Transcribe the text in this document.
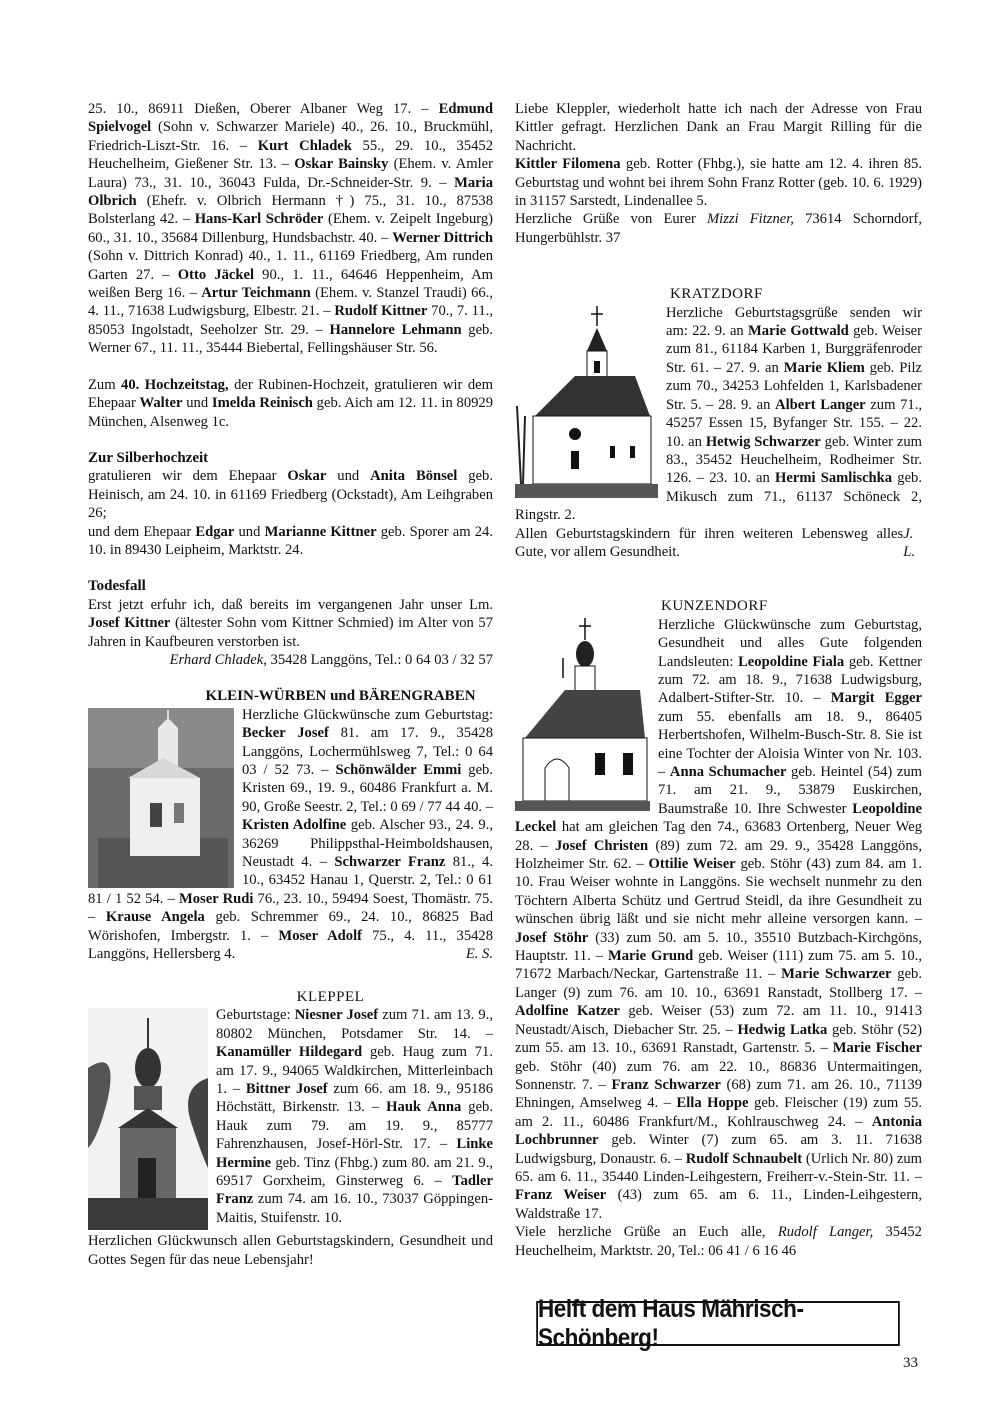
25. 10., 86911 Dießen, Oberer Albaner Weg 17. – Edmund Spielvogel (Sohn v. Schwarzer Mariele) 40., 26. 10., Bruckmühl, Friedrich-Liszt-Str. 16. – Kurt Chladek 55., 29. 10., 35452 Heuchelheim, Gießener Str. 13. – Oskar Bainsky (Ehem. v. Amler Laura) 73., 31. 10., 36043 Fulda, Dr.-Schneider-Str. 9. – Maria Olbrich (Ehefr. v. Olbrich Hermann †) 75., 31. 10., 87538 Bolsterlang 42. – Hans-Karl Schröder (Ehem. v. Zeipelt Ingeburg) 60., 31. 10., 35684 Dillenburg, Hundsbachstr. 40. – Werner Dittrich (Sohn v. Dittrich Konrad) 40., 1. 11., 61169 Friedberg, Am runden Garten 27. – Otto Jäckel 90., 1. 11., 64646 Heppenheim, Am weißen Berg 16. – Artur Teichmann (Ehem. v. Stanzel Traudi) 66., 4. 11., 71638 Ludwigsburg, Elbestr. 21. – Rudolf Kittner 70., 7. 11., 85053 Ingolstadt, Seeholzer Str. 29. – Hannelore Lehmann geb. Werner 67., 11. 11., 35444 Biebertal, Fellingshäuser Str. 56.

Zum 40. Hochzeitstag, der Rubinen-Hochzeit, gratulieren wir dem Ehepaar Walter und Imelda Reinisch geb. Aich am 12. 11. in 80929 München, Alsenweg 1c.

Zur Silberhochzeit

gratulieren wir dem Ehepaar Oskar und Anita Bönsel geb. Heinisch, am 24. 10. in 61169 Friedberg (Ockstadt), Am Leihgraben 26;

und dem Ehepaar Edgar und Marianne Kittner geb. Sporer am 24. 10. in 89430 Leipheim, Marktstr. 24.

Todesfall

Erst jetzt erfuhr ich, daß bereits im vergangenen Jahr unser Lm. Josef Kittner (ältester Sohn vom Kittner Schmied) im Alter von 57 Jahren in Kaufbeuren verstorben ist.

Erhard Chladek, 35428 Langgöns, Tel.: 0 64 03 / 32 57

KLEIN-WÜRBEN und BÄRENGRABEN

Herzliche Glückwünsche zum Geburtstag: Becker Josef 81. am 17. 9., 35428 Langgöns, Lochermühlsweg 7, Tel.: 0 64 03 / 52 73. – Schönwälder Emmi geb. Kristen 69., 19. 9., 60486 Frankfurt a. M. 90, Große Seestr. 2, Tel.: 0 69 / 77 44 40. – Kristen Adolfine geb. Alscher 93., 24. 9., 36269 Philippsthal-Heimboldshausen, Neustadt 4. – Schwarzer Franz 81., 4. 10., 63452 Hanau 1, Querstr. 2, Tel.: 0 61 81 / 1 52 54. – Moser Rudi 76., 23. 10., 59494 Soest, Thomästr. 75. – Krause Angela geb. Schremmer 69., 24. 10., 86825 Bad Wörishofen, Imbergstr. 1. – Moser Adolf 75., 4. 11., 35428 Langgöns, Hellersberg 4.	E. S.

KLEPPEL

Geburtstage: Niesner Josef zum 71. am 13. 9., 80802 München, Potsdamer Str. 14. – Kanamüller Hildegard geb. Haug zum 71. am 17. 9., 94065 Waldkirchen, Mitterleinbach 1. – Bittner Josef zum 66. am 18. 9., 95186 Höchstätt, Birkenstr. 13. – Hauk Anna geb. Hauk zum 79. am 19. 9., 85777 Fahrenzhausen, Josef-Hörl-Str. 17. – Linke Hermine geb. Tinz (Fhbg.) zum 80. am 21. 9., 69517 Gorxheim, Ginsterweg 6. – Tadler Franz zum 74. am 16. 10., 73037 Göppingen-Maitis, Stuifenstr. 10.

Herzlichen Glückwunsch allen Geburtstagskindern, Gesundheit und Gottes Segen für das neue Lebensjahr!

Liebe Kleppler, wiederholt hatte ich nach der Adresse von Frau Kittler gefragt. Herzlichen Dank an Frau Margit Rilling für die Nachricht.

Kittler Filomena geb. Rotter (Fhbg.), sie hatte am 12. 4. ihren 85. Geburtstag und wohnt bei ihrem Sohn Franz Rotter (geb. 10. 6. 1929) in 31157 Sarstedt, Lindenallee 5.

Herzliche Grüße von Eurer Mizzi Fitzner, 73614 Schorndorf, Hungerbühlstr. 37

KRATZDORF

Herzliche Geburtstagsgrüße senden wir am: 22. 9. an Marie Gottwald geb. Weiser zum 81., 61184 Karben 1, Burggräfenroder Str. 61. – 27. 9. an Marie Kliem geb. Pilz zum 70., 34253 Lohfelden 1, Karlsbadener Str. 5. – 28. 9. an Albert Langer zum 71., 45257 Essen 15, Byfanger Str. 155. – 22. 10. an Hetwig Schwarzer geb. Winter zum 83., 35452 Heuchelheim, Rodheimer Str. 126. – 23. 10. an Hermi Samlischka geb. Mikusch zum 71., 61137 Schöneck 2, Ringstr. 2.

Allen Geburtstagskindern für ihren weiteren Lebensweg alles Gute, vor allem Gesundheit.
J. L.

KUNZENDORF

Herzliche Glückwünsche zum Geburtstag, Gesundheit und alles Gute folgenden Landsleuten: Leopoldine Fiala geb. Kettner zum 72. am 18. 9., 71638 Ludwigsburg, Adalbert-Stifter-Str. 10. – Margit Egger zum 55. ebenfalls am 18. 9., 86405 Herbertshofen, Wilhelm-Busch-Str. 8. Sie ist eine Tochter der Aloisia Winter von Nr. 103. – Anna Schumacher geb. Heintel (54) zum 71. am 21. 9., 53879 Euskirchen, Baumstraße 10. Ihre Schwester Leopoldine Leckel hat am gleichen Tag den 74., 63683 Ortenberg, Neuer Weg 28. – Josef Christen (89) zum 72. am 29. 9., 35428 Langgöns, Holzheimer Str. 62. – Ottilie Weiser geb. Stöhr (43) zum 84. am 1. 10. Frau Weiser wohnte in Langgöns. Sie wechselt nunmehr zu den Töchtern Alberta Schütz und Gertrud Steidl, da ihre Gesundheit zu wünschen übrig läßt und sie nicht mehr alleine versorgen kann. – Josef Stöhr (33) zum 50. am 5. 10., 35510 Butzbach-Kirchgöns, Hauptstr. 11. – Marie Grund geb. Weiser (111) zum 75. am 5. 10., 71672 Marbach/Neckar, Gartenstraße 11. – Marie Schwarzer geb. Langer (9) zum 76. am 10. 10., 63691 Ranstadt, Stollberg 17. – Adolfine Katzer geb. Weiser (53) zum 72. am 11. 10., 91413 Neustadt/Aisch, Diebacher Str. 25. – Hedwig Latka geb. Stöhr (52) zum 55. am 13. 10., 63691 Ranstadt, Gartenstr. 5. – Marie Fischer geb. Stöhr (40) zum 76. am 22. 10., 86836 Untermaitingen, Sonnenstr. 7. – Franz Schwarzer (68) zum 71. am 26. 10., 71139 Ehningen, Amselweg 4. – Ella Hoppe geb. Fleischer (19) zum 55. am 2. 11., 60486 Frankfurt/M., Kohlrauschweg 24. – Antonia Lochbrunner geb. Winter (7) zum 65. am 3. 11. 71638 Ludwigsburg, Donaustr. 6. – Rudolf Schnaubelt (Urlich Nr. 80) zum 65. am 6. 11., 35440 Linden-Leihgestern, Freiherr-v.-Stein-Str. 11. – Franz Weiser (43) zum 65. am 6. 11., Linden-Leihgestern, Waldstraße 17.

Viele herzliche Grüße an Euch alle, Rudolf Langer, 35452 Heuchelheim, Marktstr. 20, Tel.: 06 41 / 6 16 46

Helft dem Haus Mährisch-Schönberg!
33
